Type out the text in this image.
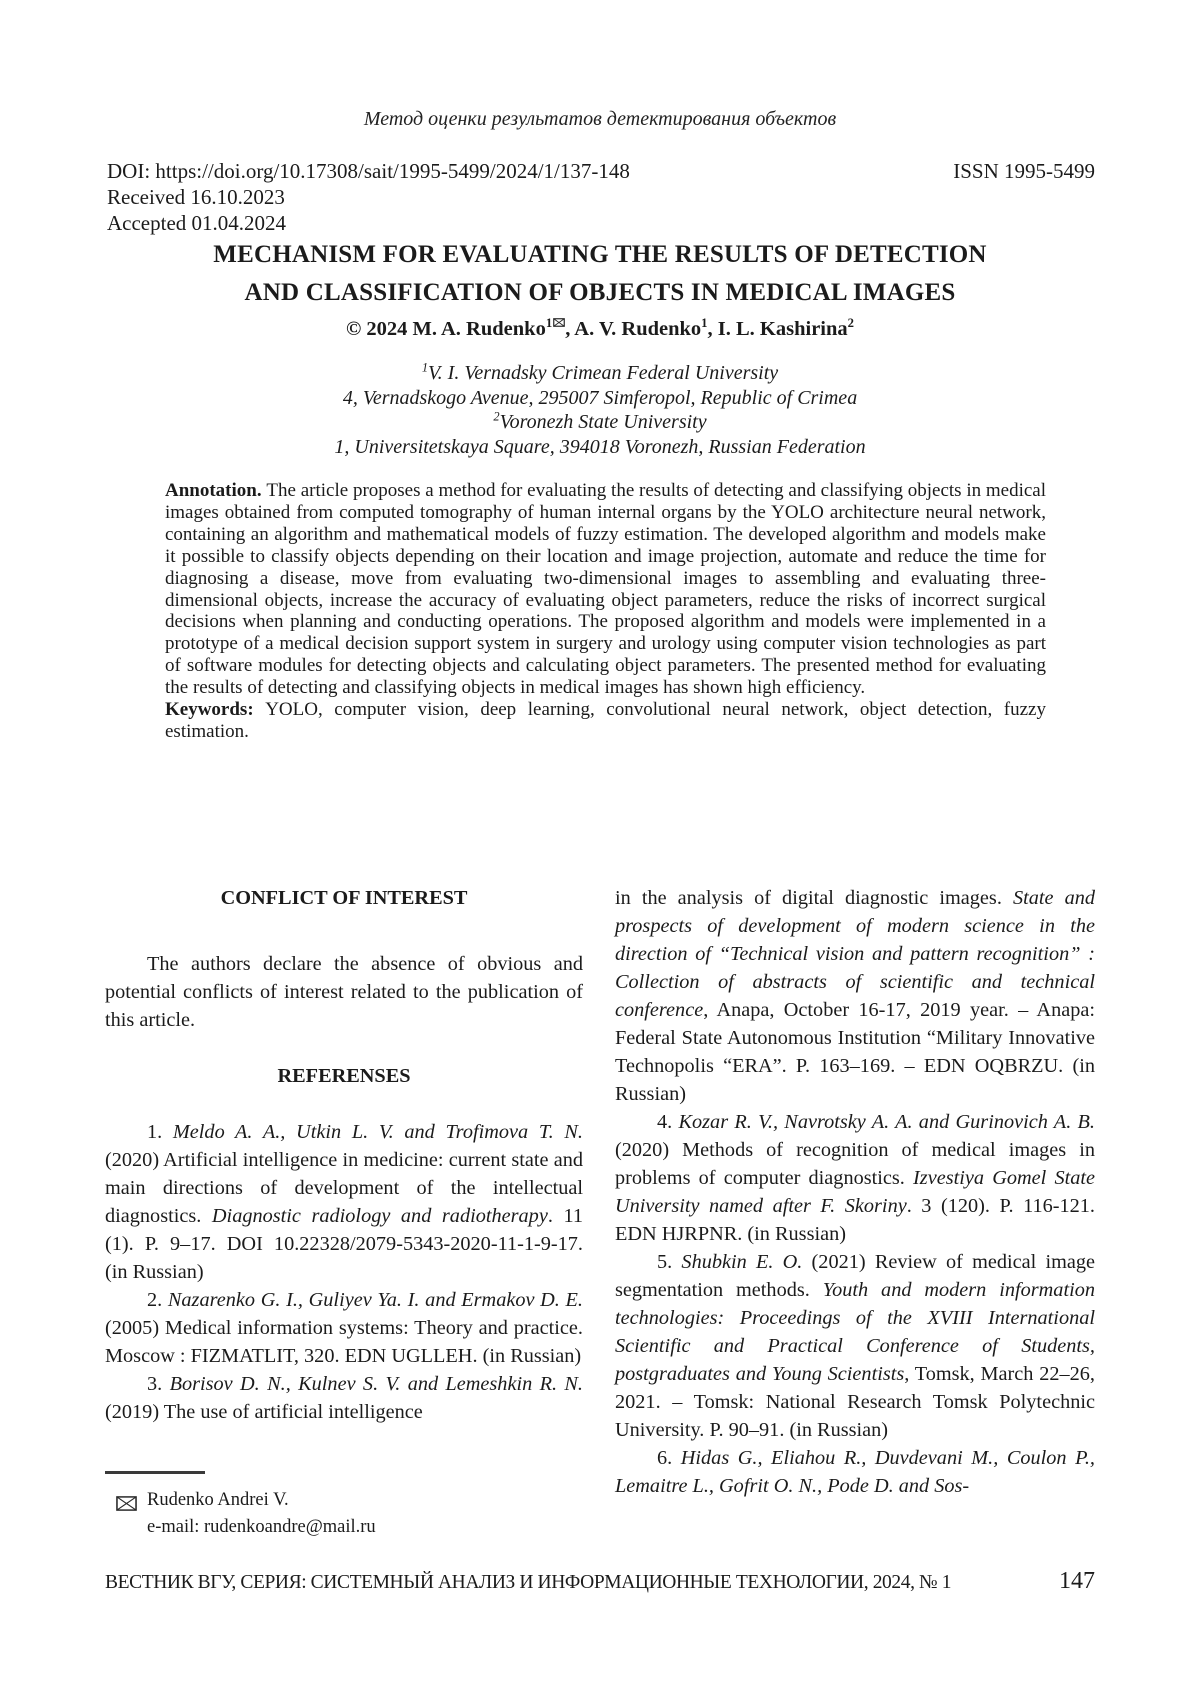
Метод оценки результатов детектирования объектов
DOI: https://doi.org/10.17308/sait/1995-5499/2024/1/137-148	ISSN 1995-5499
Received 16.10.2023
Accepted 01.04.2024
MECHANISM FOR EVALUATING THE RESULTS OF DETECTION
AND CLASSIFICATION OF OBJECTS IN MEDICAL IMAGES
© 2024 M. A. Rudenko$^1$ , A. V. Rudenko$^1$, I. L. Kashirina$^2$
$^1$V. I. Vernadsky Crimean Federal University
4, Vernadskogo Avenue, 295007 Simferopol, Republic of Crimea
$^2$Voronezh State University
1, Universitetskaya Square, 394018 Voronezh, Russian Federation

Annotation. The article proposes a method for evaluating the results of detecting and classifying objects in medical images obtained from computed tomography of human internal organs by the YOLO architecture neural network, containing an algorithm and mathematical models of fuzzy estimation. The developed algorithm and models make it possible to classify objects depending on their location and image projection, automate and reduce the time for diagnosing a disease, move from evaluating two-dimensional images to assembling and evaluating three-dimensional objects, increase the accuracy of evaluating object parameters, reduce the risks of incorrect surgical decisions when planning and conducting operations. The proposed algorithm and models were implemented in a prototype of a medical decision support system in surgery and urology using computer vision technologies as part of software modules for detecting objects and calculating object parameters. The presented method for evaluating the results of detecting and classifying objects in medical images has shown high efficiency.

Keywords: YOLO, computer vision, deep learning, convolutional neural network, object detection, fuzzy estimation.

CONFLICT OF INTEREST

The authors declare the absence of obvious and potential conflicts of interest related to the publication of this article.

REFERENSES

1. Meldo A. A., Utkin L. V. and Trofimova T. N. (2020) Artificial intelligence in medicine: current state and main directions of development of the intellectual diagnostics. Diagnostic radiology and radiotherapy. 11 (1). P. 9–17. DOI 10.22328/2079-5343-2020-11-1-9-17. (in Russian)

2. Nazarenko G. I., Guliyev Ya. I. and Ermakov D. E. (2005) Medical information systems: Theory and practice. Moscow : FIZMATLIT, 320. EDN UGLLEH. (in Russian)

3. Borisov D. N., Kulnev S. V. and Lemeshkin R. N. (2019) The use of artificial intelligence

in the analysis of digital diagnostic images. State and prospects of development of modern science in the direction of “Technical vision and pattern recognition” : Collection of abstracts of scientific and technical conference, Anapa, October 16-17, 2019 year. – Anapa: Federal State Autonomous Institution “Military Innovative Technopolis “ERA”. P. 163–169. – EDN OQBRZU. (in Russian)

4. Kozar R. V., Navrotsky A. A. and Gurinovich A. B. (2020) Methods of recognition of medical images in problems of computer diagnostics. Izvestiya Gomel State University named after F. Skoriny. 3 (120). P. 116-121. EDN HJRPNR. (in Russian)

5. Shubkin E. O. (2021) Review of medical image segmentation methods. Youth and modern information technologies: Proceedings of the XVIII International Scientific and Practical Conference of Students, postgraduates and Young Scientists, Tomsk, March 22–26, 2021. – Tomsk: National Research Tomsk Polytechnic University. P. 90–91. (in Russian)

6. Hidas G., Eliahou R., Duvdevani M., Coulon P., Lemaitre L., Gofrit O. N., Pode D. and Sos-

Rudenko Andrei V.
e-mail: rudenkoandre@mail.ru
ВЕСТНИК ВГУ, СЕРИЯ: СИСТЕМНЫЙ АНАЛИЗ И ИНФОРМАЦИОННЫЕ ТЕХНОЛОГИИ, 2024, № 1	147
